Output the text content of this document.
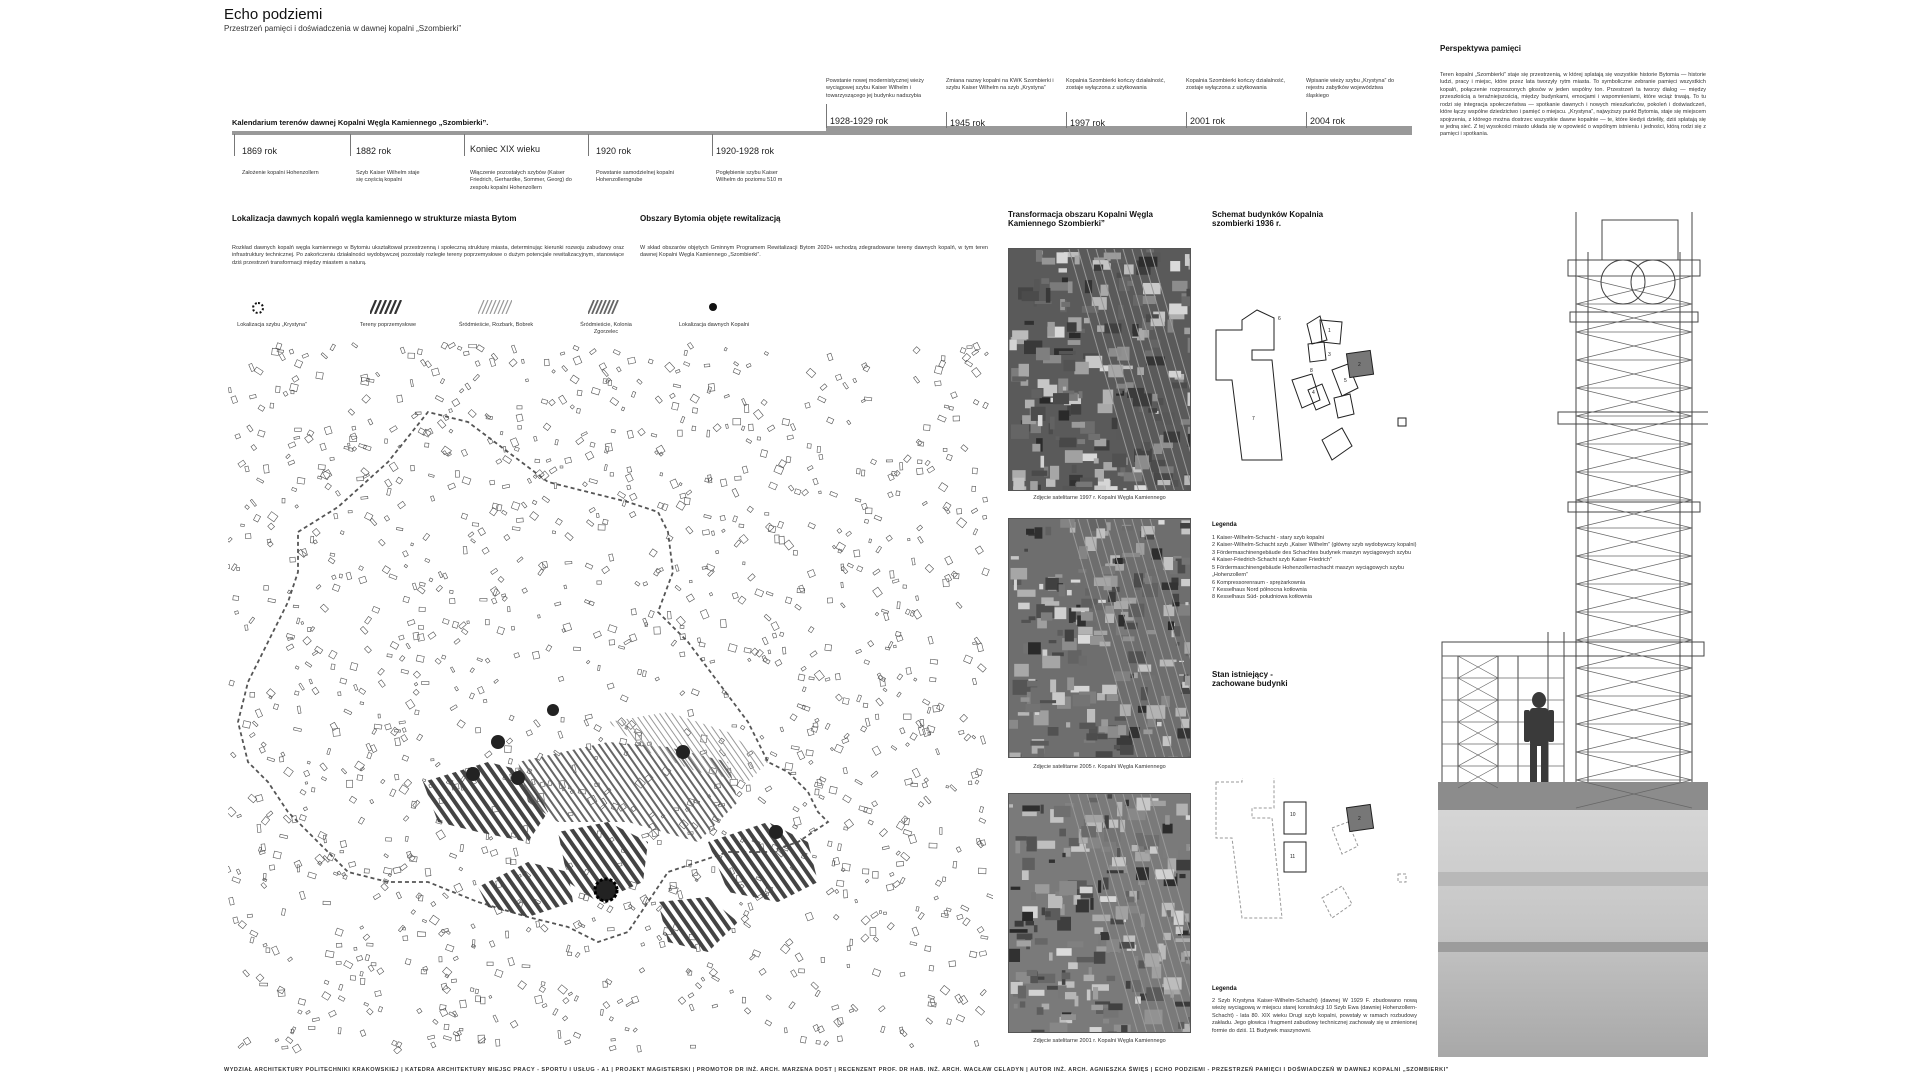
Echo podziemi
Przestrzeń pamięci i doświadczenia w dawnej kopalni „Szombierki”
Kalendarium terenów dawnej Kopalni Węgla Kamiennego „Szombierki”.
Powstanie nowej modernistycznej wieży wyciągowej szybu Kaiser Wilhelm i towarzyszącego jej budynku nadszybia
1928-1929 rok
Zmiana nazwy kopalni na KWK Szombierki i szybu Kaiser Wilhelm na szyb „Krystyna”
1945 rok
Kopalnia Szombierki kończy działalność, zostaje wyłączona z użytkowania
1997 rok
Kopalnia Szombierki kończy działalność, zostaje wyłączona z użytkowania
2001 rok
Wpisanie wieży szybu „Krystyna” do rejestru zabytków województwa śląskiego
2004 rok
1869 rok
Założenie kopalni Hohenzollern
1882 rok
Szyb Kaiser Wilhelm staje się częścią kopalni
Koniec XIX wieku
Włączenie pozostałych szybów (Kaiser Friedrich, Gerhardke, Sommer, Georg) do zespołu kopalni Hohenzollern
1920 rok
Powstanie samodzielnej kopalni Hohenzollerngrube
1920-1928 rok
Pogłębienie szybu Kaiser Wilhelm do poziomu 510 m
Perspektywa pamięci
Teren kopalni „Szombierki” staje się przestrzenią, w której splatają się wszystkie historie Bytomia — historie ludzi, pracy i miejsc, które przez lata tworzyły rytm miasta. To symboliczne zebranie pamięci wszystkich kopalń, połączenie rozproszonych głosów w jeden wspólny ton. Przestrzeń ta tworzy dialog — między przeszłością a teraźniejszością, między budynkami, emocjami i wspomnieniami, które wciąż trwają. To tu rodzi się integracja społeczeństwa — spotkanie dawnych i nowych mieszkańców, pokoleń i doświadczeń, które łączy wspólne dziedzictwo i pamięć o miejscu. „Krystyna”, najwyższy punkt Bytomia, staje się miejscem spojrzenia, z którego można dostrzec wszystkie dawne kopalnie — te, które kiedyś dzieliły, dziś splatają się w jedną sieć. Z tej wysokości miasto układa się w opowieść o wspólnym istnieniu i jedności, którą rodzi się z pamięci i spotkania.
Lokalizacja dawnych kopalń węgla kamiennego w strukturze miasta Bytom
Rozkład dawnych kopalń węgla kamiennego w Bytomiu ukształtował przestrzenną i społeczną strukturę miasta, determinując kierunki rozwoju zabudowy oraz infrastruktury technicznej. Po zakończeniu działalności wydobywczej pozostały rozległe tereny poprzemysłowe o dużym potencjale rewitalizacyjnym, stanowiące dziś przestrzeń transformacji między miastem a naturą.
Obszary Bytomia objęte rewitalizacją
W skład obszarów objętych Gminnym Programem Rewitalizacji Bytom 2020+ wchodzą zdegradowane tereny dawnych kopalń, w tym teren dawnej Kopalni Węgla Kamiennego „Szombierki”.
Lokalizacja szybu „Krystyna”	Tereny poprzemysłowe	Śródmieście, Rozbark, Bobrek	Śródmieście, Kolonia Zgorzelec
Lokalizacja dawnych Kopalni
Transformacja obszaru Kopalni Węgla Kamiennego Szombierki”
Zdjęcie satelitarne 1997 r. Kopalni Węgla Kamiennego
Zdjęcie satelitarne 2005 r. Kopalni Węgla Kamiennego
Zdjęcie satelitarne 2001 r. Kopalni Węgla Kamiennego
Schemat budynków Kopalnia szombierki 1936 r.
6
1
2
3
4
5
7
8
Legenda
1 Kaiser-Wilhelm-Schacht - stary szyb kopalni
2 Kaiser-Wilhelm-Schacht szyb „Kaiser Wilhelm” (główny szyb wydobywczy kopalni)
3 Fördermaschinengebäude des Schachtes budynek maszyn wyciągowych szybu
4 Kaiser-Friedrich-Schacht szyb Kaiser Friedrich”
5 Fördermaschinengebäude Hohenzollernschacht maszyn wyciągowych szybu „Hohenzollern”
6 Kompressorenraum - sprężarkownia
7 Kesselhaus Nord północna kotłownia
8 Kesselhaus Süd- południowa kotłownia
Stan istniejący - zachowane budynki
10
11
2
Legenda
2 Szyb Krystyna Kaiser-Wilhelm-Schacht) (dawnej W 1929 F. zbudowano nową wieżę wyciągową w miejscu starej konstrukcji 10 Szyb Ewa (dawniej Hohenzollern-Schacht) - lata 80. XIX wieku Drugi szyb kopalni, powstały w ramach rozbudowy zakładu. Jego głowica i fragment zabudowy technicznej zachowały się w zmienionej formie do dziś. 11 Budynek maszynowni.
WYDZIAŁ ARCHITEKTURY POLITECHNIKI KRAKOWSKIEJ | KATEDRA ARCHITEKTURY MIEJSC PRACY - SPORTU I USŁUG - A1 | PROJEKT MAGISTERSKI | PROMOTOR DR INŻ. ARCH. MARZENA DOST | RECENZENT PROF. DR HAB. INŻ. ARCH. WACŁAW CELADYN | AUTOR INŻ. ARCH. AGNIESZKA ŚWIĘS | ECHO PODZIEMI - PRZESTRZEŃ PAMIĘCI I DOŚWIADCZEŃ W DAWNEJ KOPALNI „SZOMBIERKI”
